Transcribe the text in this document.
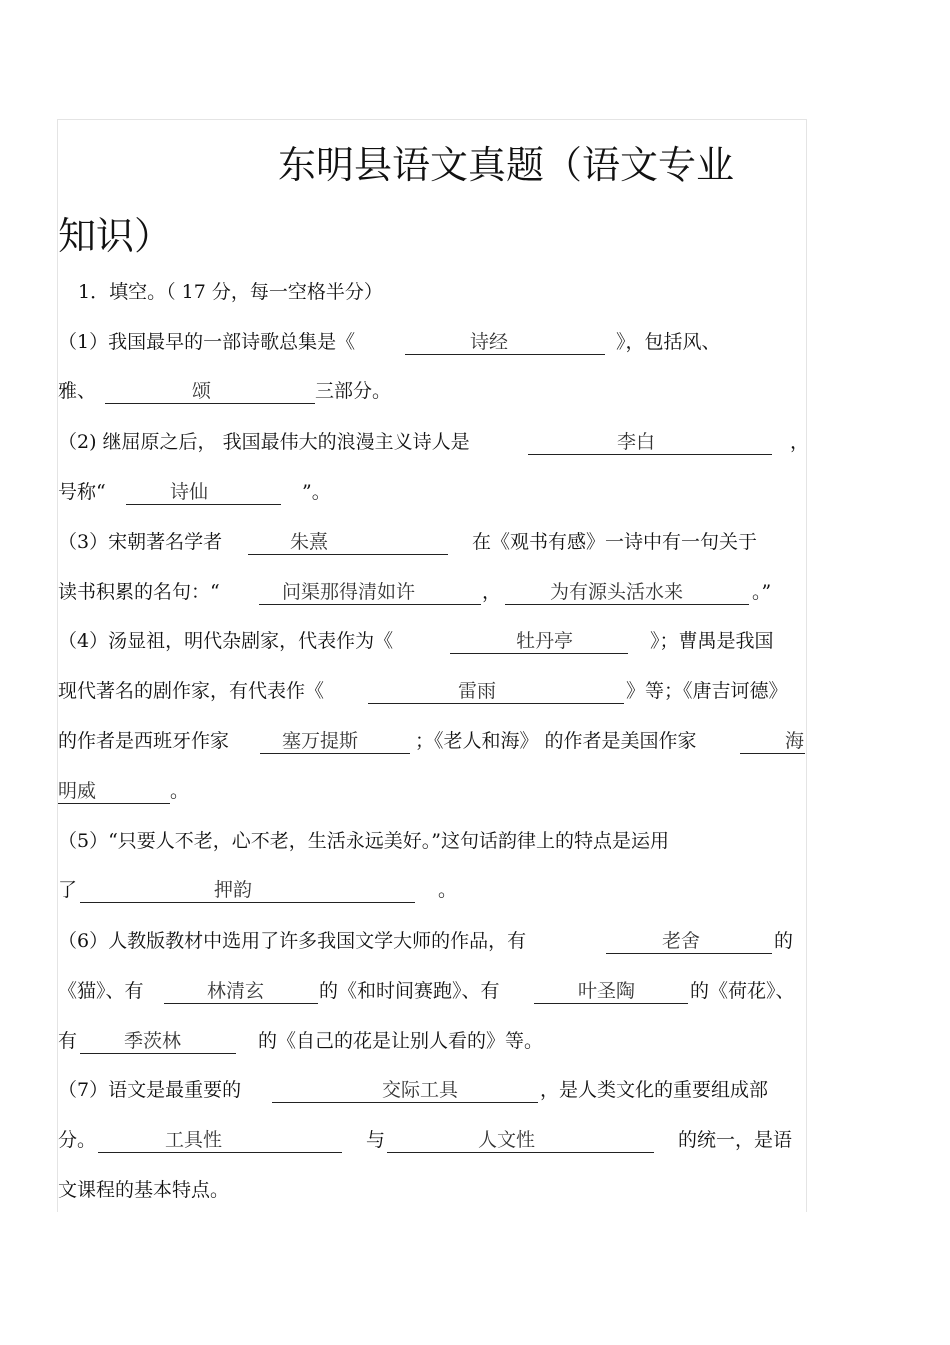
东明县语文真题（语文专业
知识）
1．填空。（ 17 分，每一空格半分）
（1）我国最早的一部诗歌总集是《	诗经	》，包括风、
雅、	颂	三部分。
（2) 继屈原之后， 我国最伟大的浪漫主义诗人是	李白	，
号称“	诗仙	”。
（3）宋朝著名学者	朱熹	在《观书有感》一诗中有一句关于
读书积累的名句：“	问渠那得清如许	，	为有源头活水来	。”
（4）汤显祖，明代杂剧家，代表作为《	牡丹亭	》；曹禺是我国
现代著名的剧作家，有代表作《	雷雨	》等；《唐吉诃德》
的作者是西班牙作家	塞万提斯	；《老人和海》 的作者是美国作家	海
明威	。
（5）“只要人不老，心不老，生活永远美好。”这句话韵律上的特点是运用
了	押韵	。
（6）人教版教材中选用了许多我国文学大师的作品，有	老舍	的
《猫》、有	林清玄	的《和时间赛跑》、有	叶圣陶	的《荷花》、
有 季茨林	的《自己的花是让别人看的》等。
（7）语文是最重要的	交际工具	，是人类文化的重要组成部
分。	工具性	与	人文性	的统一，是语
文课程的基本特点。
